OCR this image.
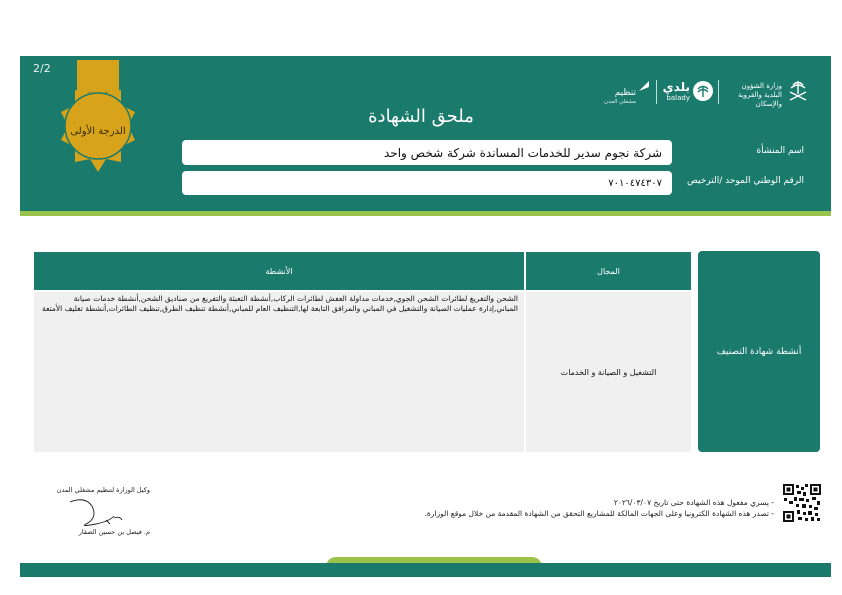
2/2
الدرجة الأولى
وزارة الشؤون البلدية والقروية والإسكان
بلدي
balady
تنظيم
مشغلي المدن
ملحق الشهادة
اسم المنشأة
شركة نجوم سدير للخدمات المساندة شركة شخص واحد
الرقم الوطني الموحد /الترخيص
٧٠١٠٤٧٤٣٠٧
أنشطة شهادة التصنيف
المجال
الأنشطة
التشغيل و الصيانة و الخدمات
الشحن والتفريغ لطائرات الشحن الجوي,خدمات مداولة العفش لطائرات الركاب,أنشطة التعبئة والتفريغ من صناديق الشحن,أنشطة خدمات صيانة المباني,إدارة عمليات الصيانة والتشغيل في المباني والمرافق التابعة لها,التنظيف العام للمباني,أنشطة تنظيف الطرق,تنظيف الطائرات,أنشطة تغليف الأمتعة
- يسري مفعول هذه الشهادة حتى تاريخ ٢٠٢٦/٠٣/٠٧
- تصدر هذه الشهادة الكترونيا وعلى الجهات المالكة للمشاريع التحقق من الشهادة المقدمة من خلال موقع الوزارة.
وكيل الوزارة لتنظيم مشغلي المدن
م. فيصل بن حسين الصقار
